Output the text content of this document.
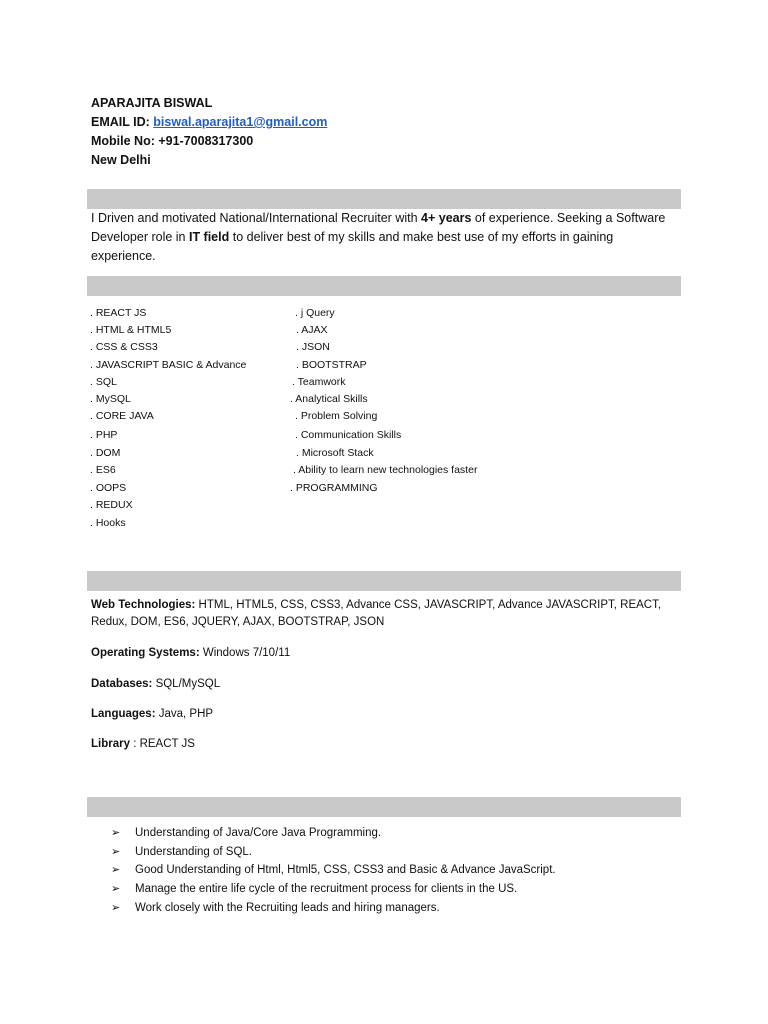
APARAJITA BISWAL
EMAIL ID: biswal.aparajita1@gmail.com
Mobile No: +91-7008317300
New Delhi
I Driven and motivated National/International Recruiter with 4+ years of experience. Seeking a Software Developer role in IT field to deliver best of my skills and make best use of my efforts in gaining experience.
. REACT JS
. HTML & HTML5
. CSS & CSS3
. JAVASCRIPT BASIC & Advance
. SQL
. MySQL
. CORE JAVA
. PHP
. DOM
. ES6
. OOPS
. REDUX
. Hooks
. j Query
. AJAX
. JSON
. BOOTSTRAP
. Teamwork
. Analytical Skills
. Problem Solving
. Communication Skills
. Microsoft Stack
. Ability to learn new technologies faster
. PROGRAMMING
Web Technologies: HTML, HTML5, CSS, CSS3, Advance CSS, JAVASCRIPT, Advance JAVASCRIPT, REACT, Redux, DOM, ES6, JQUERY, AJAX, BOOTSTRAP, JSON
Operating Systems: Windows 7/10/11
Databases: SQL/MySQL
Languages: Java, PHP
Library : REACT JS
➢ Understanding of Java/Core Java Programming.
➢ Understanding of SQL.
➢ Good Understanding of Html, Html5, CSS, CSS3 and Basic & Advance JavaScript.
➢ Manage the entire life cycle of the recruitment process for clients in the US.
➢ Work closely with the Recruiting leads and hiring managers.
